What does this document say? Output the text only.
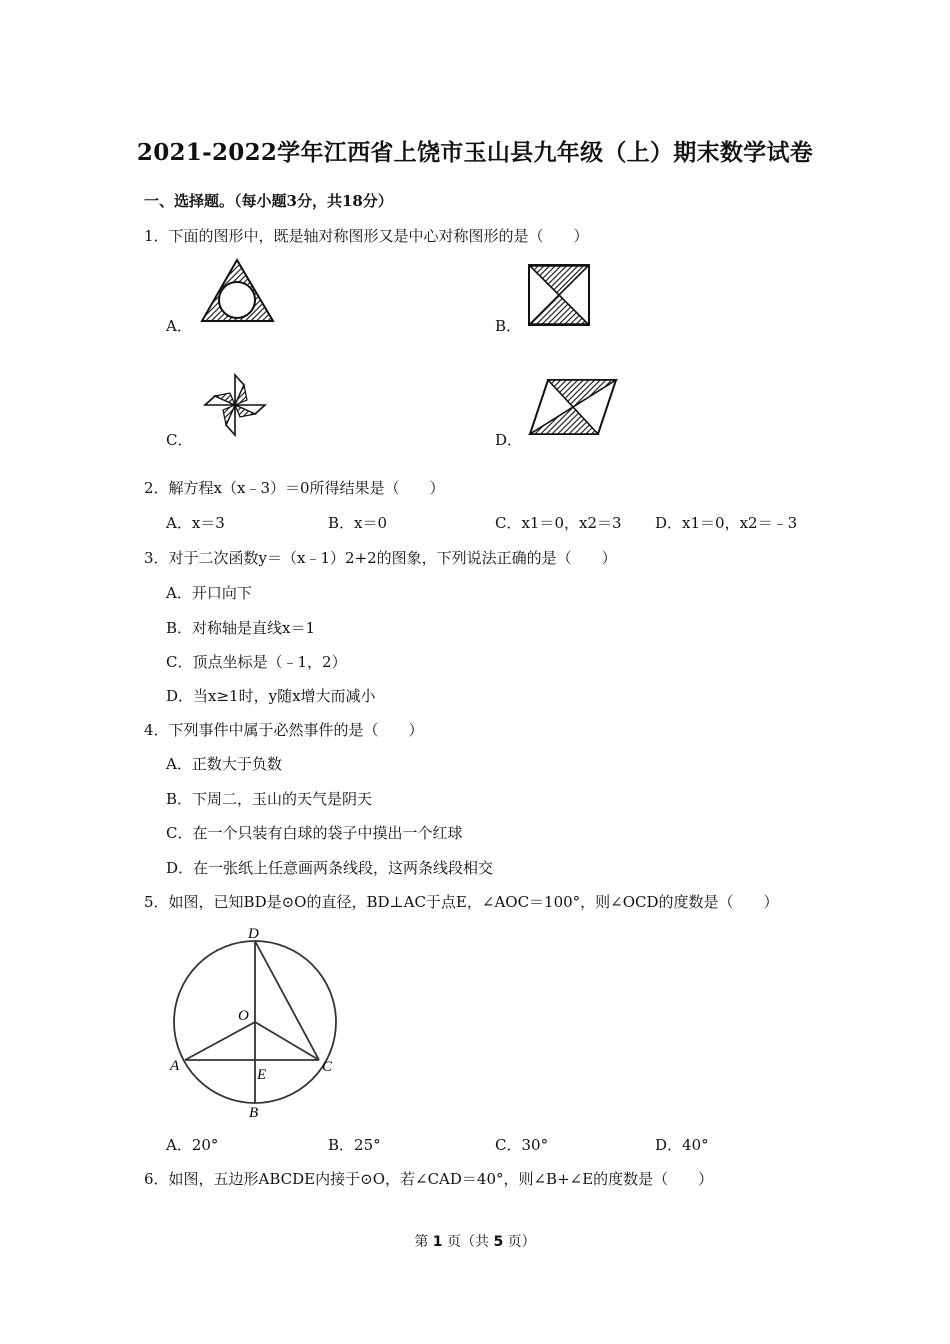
2021-2022学年江西省上饶市玉山县九年级（上）期末数学试卷
一、选择题。（每小题3分，共18分）
1．下面的图形中，既是轴对称图形又是中心对称图形的是（　　）
A．	B．
C．	D．
2．解方程x（x﹣3）＝0所得结果是（　　）
A．x＝3	B．x＝0	C．x1＝0，x2＝3 D．x1＝0，x2＝﹣3
3．对于二次函数y＝（x﹣1）2+2的图象，下列说法正确的是（　　）
A．开口向下
B．对称轴是直线x＝1
C．顶点坐标是（﹣1，2）
D．当x≥1时，y随x增大而减小
4．下列事件中属于必然事件的是（　　）
A．正数大于负数
B．下周二，玉山的天气是阴天
C．在一个只装有白球的袋子中摸出一个红球
D．在一张纸上任意画两条线段，这两条线段相交
5．如图，已知BD是⊙O的直径，BD⊥AC于点E，∠AOC＝100°，则∠OCD的度数是（　　）
D
O
A
E	C
B
A．20°	B．25°	C．30°	D．40°
6．如图，五边形ABCDE内接于⊙O，若∠CAD＝40°，则∠B+∠E的度数是（　　）
第 1 页（共 5 页）
